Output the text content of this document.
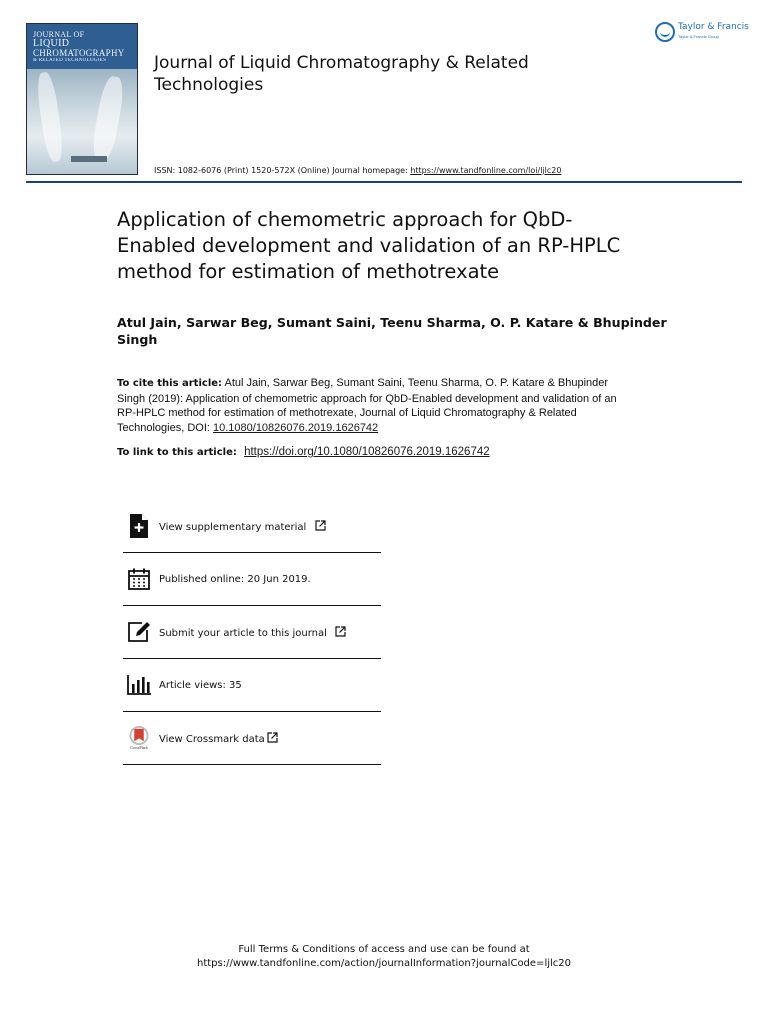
JOURNAL OF
LIQUID
CHROMATOGRAPHY
& RELATED TECHNOLOGIES	Journal of Liquid Chromatography & Related Technologies
Taylor & Francis
Taylor & Francis Group
ISSN: 1082-6076 (Print) 1520-572X (Online) Journal homepage: https://www.tandfonline.com/loi/ljlc20
Application of chemometric approach for QbD-Enabled development and validation of an RP-HPLC method for estimation of methotrexate
Atul Jain, Sarwar Beg, Sumant Saini, Teenu Sharma, O. P. Katare & Bhupinder Singh
To cite this article: Atul Jain, Sarwar Beg, Sumant Saini, Teenu Sharma, O. P. Katare & Bhupinder Singh (2019): Application of chemometric approach for QbD-Enabled development and validation of an RP-HPLC method for estimation of methotrexate, Journal of Liquid Chromatography & Related Technologies, DOI: 10.1080/10826076.2019.1626742
To link to this article: https://doi.org/10.1080/10826076.2019.1626742
View supplementary material
Published online: 20 Jun 2019.
Submit your article to this journal
Article views: 35
CrossMark
View Crossmark data
Full Terms & Conditions of access and use can be found at
https://www.tandfonline.com/action/journalInformation?journalCode=ljlc20
